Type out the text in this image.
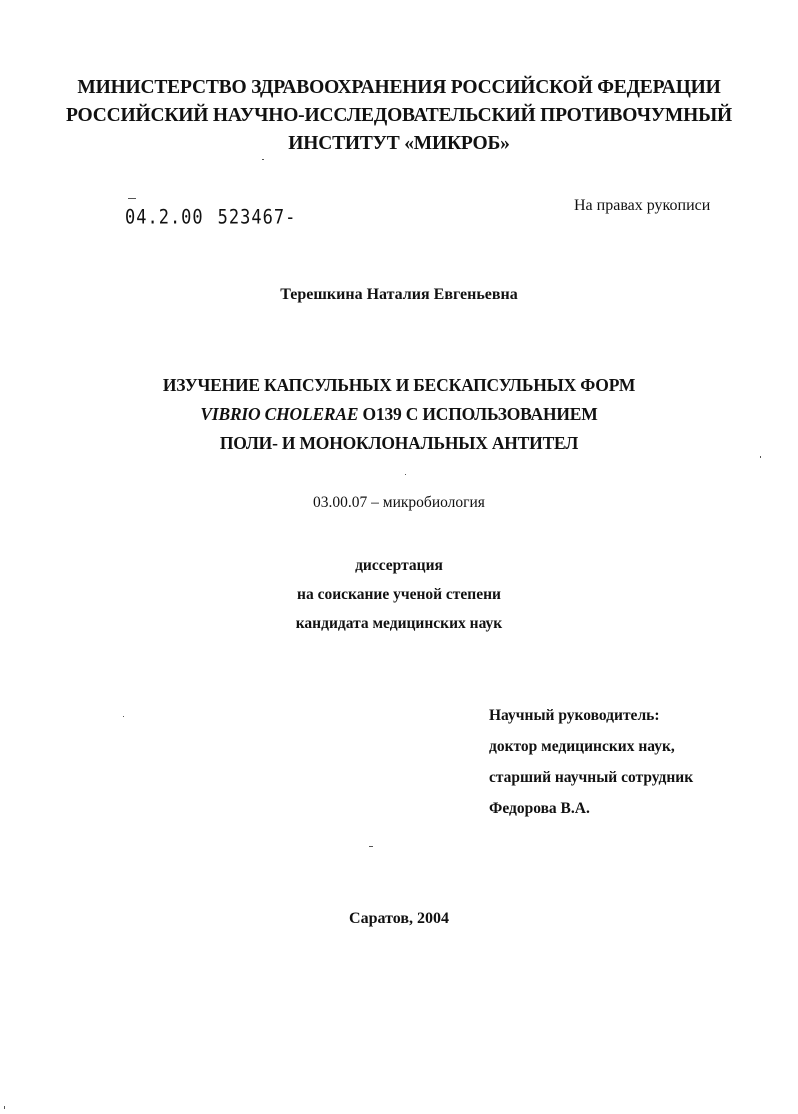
МИНИСТЕРСТВО ЗДРАВООХРАНЕНИЯ РОССИЙСКОЙ ФЕДЕРАЦИИ
РОССИЙСКИЙ НАУЧНО-ИССЛЕДОВАТЕЛЬСКИЙ ПРОТИВОЧУМНЫЙ
ИНСТИТУТ «МИКРОБ»
04.2.00 523467-
На правах рукописи
Терешкина Наталия Евгеньевна
ИЗУЧЕНИЕ КАПСУЛЬНЫХ И БЕСКАПСУЛЬНЫХ ФОРМ
VIBRIO CHOLERAE O139 С ИСПОЛЬЗОВАНИЕМ
ПОЛИ- И МОНОКЛОНАЛЬНЫХ АНТИТЕЛ
03.00.07 – микробиология
диссертация
на соискание ученой степени
кандидата медицинских наук
Научный руководитель:
доктор медицинских наук,
старший научный сотрудник
Федорова В.А.
Саратов, 2004
